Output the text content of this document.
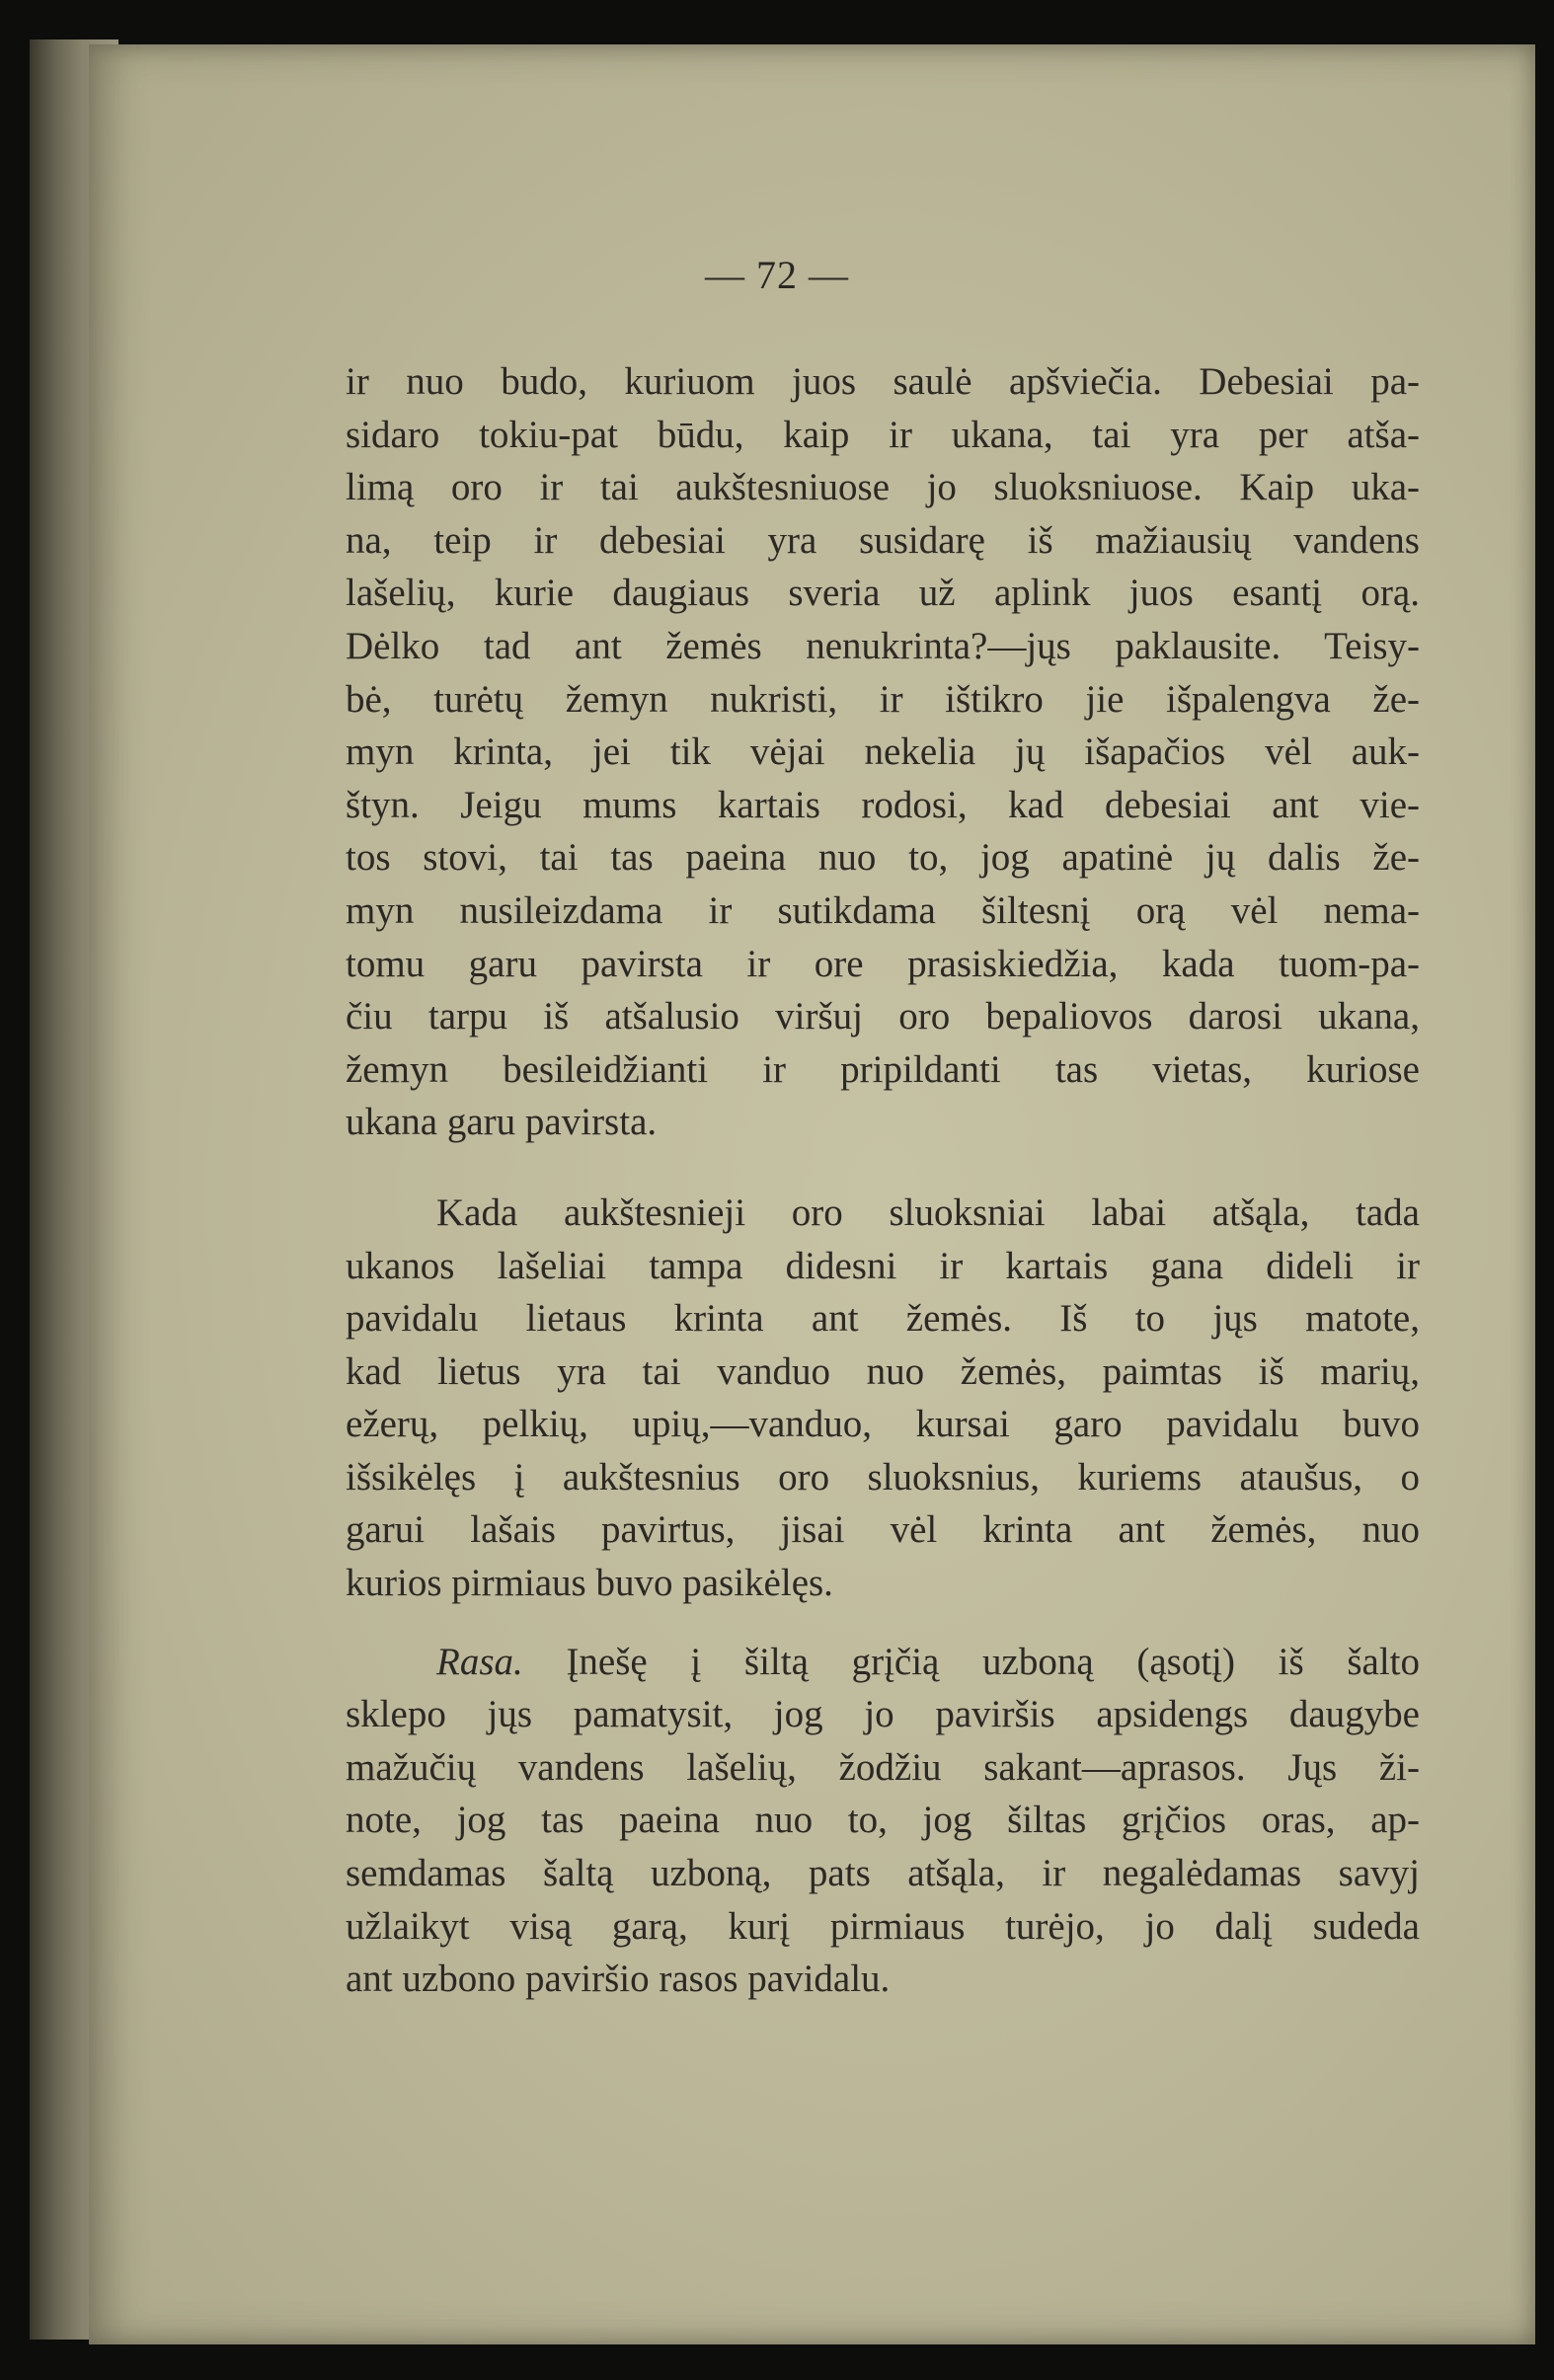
— 72 —
ir nuo budo, kuriuom juos saulė apšviečia. Debesiai pa-
sidaro tokiu-pat būdu, kaip ir ukana, tai yra per atša-
limą oro ir tai aukštesniuose jo sluoksniuose. Kaip uka-
na, teip ir debesiai yra susidarę iš mažiausių vandens
lašelių, kurie daugiaus sveria už aplink juos esantį orą.
Dėlko tad ant žemės nenukrinta?—jųs paklausite. Teisy-
bė, turėtų žemyn nukristi, ir ištikro jie išpalengva že-
myn krinta, jei tik vėjai nekelia jų išapačios vėl auk-
štyn. Jeigu mums kartais rodosi, kad debesiai ant vie-
tos stovi, tai tas paeina nuo to, jog apatinė jų dalis že-
myn nusileizdama ir sutikdama šiltesnį orą vėl nema-
tomu garu pavirsta ir ore prasiskiedžia, kada tuom-pa-
čiu tarpu iš atšalusio viršuj oro bepaliovos darosi ukana,
žemyn besileidžianti ir pripildanti tas vietas, kuriose
ukana garu pavirsta.
Kada aukštesnieji oro sluoksniai labai atšąla, tada
ukanos lašeliai tampa didesni ir kartais gana dideli ir
pavidalu lietaus krinta ant žemės. Iš to jųs matote,
kad lietus yra tai vanduo nuo žemės, paimtas iš marių,
ežerų, pelkių, upių,—vanduo, kursai garo pavidalu buvo
išsikėlęs į aukštesnius oro sluoksnius, kuriems ataušus, o
garui lašais pavirtus, jisai vėl krinta ant žemės, nuo
kurios pirmiaus buvo pasikėlęs.
Rasa. Įnešę į šiltą grįčią uzboną (ąsotį) iš šalto
sklepo jųs pamatysit, jog jo paviršis apsidengs daugybe
mažučių vandens lašelių, žodžiu sakant—aprasos. Jųs ži-
note, jog tas paeina nuo to, jog šiltas grįčios oras, ap-
semdamas šaltą uzboną, pats atšąla, ir negalėdamas savyj
užlaikyt visą garą, kurį pirmiaus turėjo, jo dalį sudeda
ant uzbono paviršio rasos pavidalu.
